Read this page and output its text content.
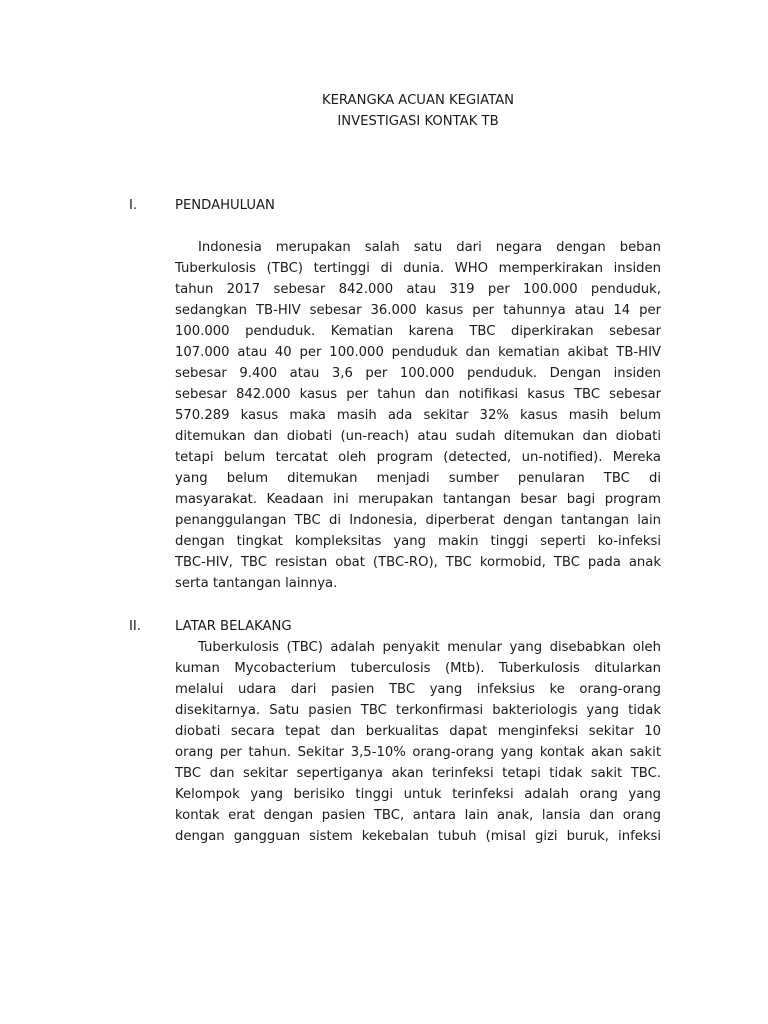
KERANGKA ACUAN KEGIATAN
INVESTIGASI KONTAK TB
I.	PENDAHULUAN
Indonesia merupakan salah satu dari negara dengan beban
Tuberkulosis (TBC) tertinggi di dunia. WHO memperkirakan insiden
tahun 2017 sebesar 842.000 atau 319 per 100.000 penduduk,
sedangkan TB-HIV sebesar 36.000 kasus per tahunnya atau 14 per
100.000 penduduk. Kematian karena TBC diperkirakan sebesar
107.000 atau 40 per 100.000 penduduk dan kematian akibat TB-HIV
sebesar 9.400 atau 3,6 per 100.000 penduduk. Dengan insiden
sebesar 842.000 kasus per tahun dan notifikasi kasus TBC sebesar
570.289 kasus maka masih ada sekitar 32% kasus masih belum
ditemukan dan diobati (un-reach) atau sudah ditemukan dan diobati
tetapi belum tercatat oleh program (detected, un-notified). Mereka
yang belum ditemukan menjadi sumber penularan TBC di
masyarakat. Keadaan ini merupakan tantangan besar bagi program
penanggulangan TBC di Indonesia, diperberat dengan tantangan lain
dengan tingkat kompleksitas yang makin tinggi seperti ko-infeksi
TBC-HIV, TBC resistan obat (TBC-RO), TBC kormobid, TBC pada anak
serta tantangan lainnya.
II.	LATAR BELAKANG
Tuberkulosis (TBC) adalah penyakit menular yang disebabkan oleh
kuman Mycobacterium tuberculosis (Mtb). Tuberkulosis ditularkan
melalui udara dari pasien TBC yang infeksius ke orang-orang
disekitarnya. Satu pasien TBC terkonfirmasi bakteriologis yang tidak
diobati secara tepat dan berkualitas dapat menginfeksi sekitar 10
orang per tahun. Sekitar 3,5-10% orang-orang yang kontak akan sakit
TBC dan sekitar sepertiganya akan terinfeksi tetapi tidak sakit TBC.
Kelompok yang berisiko tinggi untuk terinfeksi adalah orang yang
kontak erat dengan pasien TBC, antara lain anak, lansia dan orang
dengan gangguan sistem kekebalan tubuh (misal gizi buruk, infeksi
